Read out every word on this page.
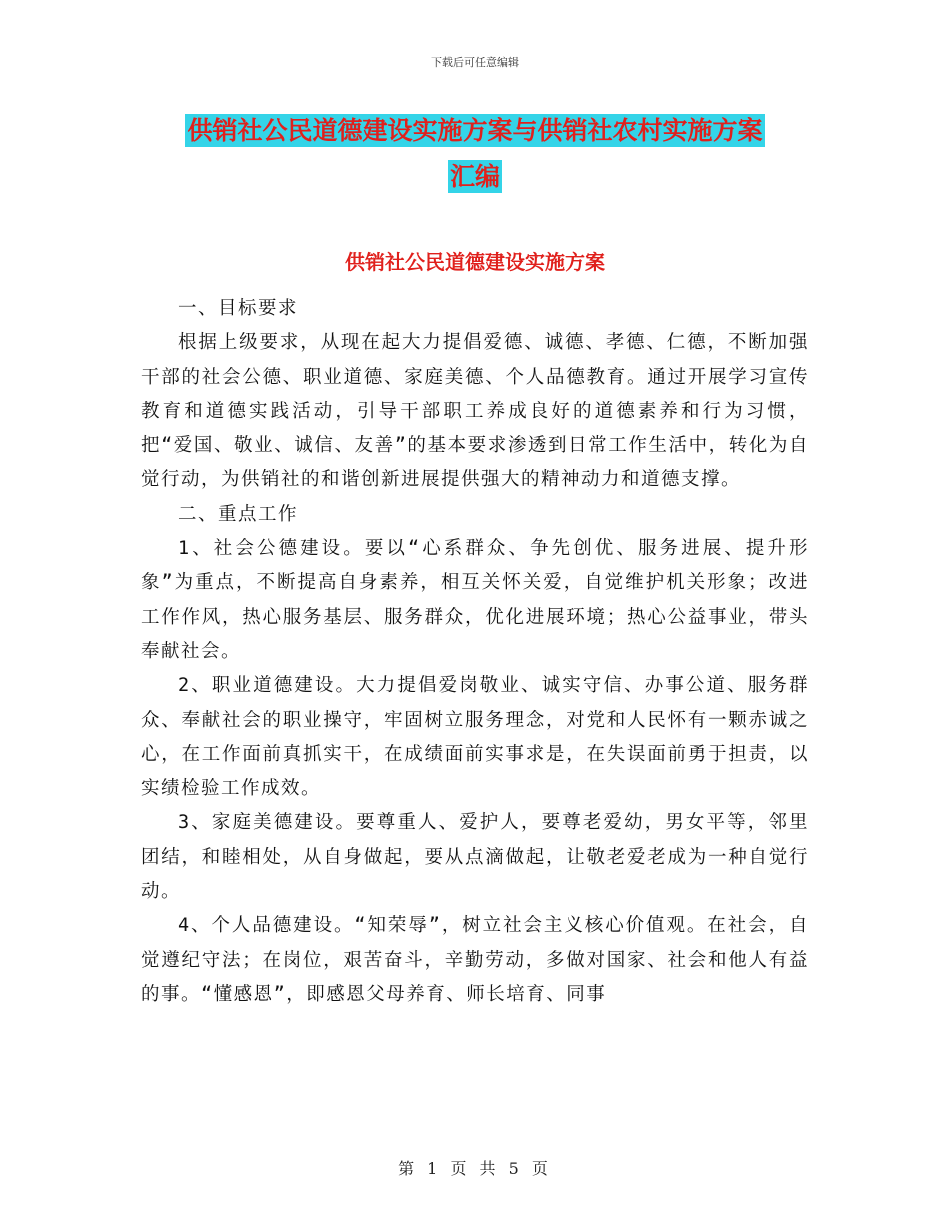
下载后可任意编辑
供销社公民道德建设实施方案与供销社农村实施方案
汇编
供销社公民道德建设实施方案

一、目标要求

根据上级要求，从现在起大力提倡爱德、诚德、孝德、仁德，不断加强干部的社会公德、职业道德、家庭美德、个人品德教育。通过开展学习宣传教育和道德实践活动，引导干部职工养成良好的道德素养和行为习惯，把“爱国、敬业、诚信、友善”的基本要求渗透到日常工作生活中，转化为自觉行动，为供销社的和谐创新进展提供强大的精神动力和道德支撑。

二、重点工作

1、社会公德建设。要以“心系群众、争先创优、服务进展、提升形象”为重点，不断提高自身素养，相互关怀关爱，自觉维护机关形象；改进工作作风，热心服务基层、服务群众，优化进展环境；热心公益事业，带头奉献社会。

2、职业道德建设。大力提倡爱岗敬业、诚实守信、办事公道、服务群众、奉献社会的职业操守，牢固树立服务理念，对党和人民怀有一颗赤诚之心，在工作面前真抓实干，在成绩面前实事求是，在失误面前勇于担责，以实绩检验工作成效。

3、家庭美德建设。要尊重人、爱护人，要尊老爱幼，男女平等，邻里团结，和睦相处，从自身做起，要从点滴做起，让敬老爱老成为一种自觉行动。

4、个人品德建设。“知荣辱”，树立社会主义核心价值观。在社会，自觉遵纪守法；在岗位，艰苦奋斗，辛勤劳动，多做对国家、社会和他人有益的事。“懂感恩”，即感恩父母养育、师长培育、同事

第 1 页 共 5 页
